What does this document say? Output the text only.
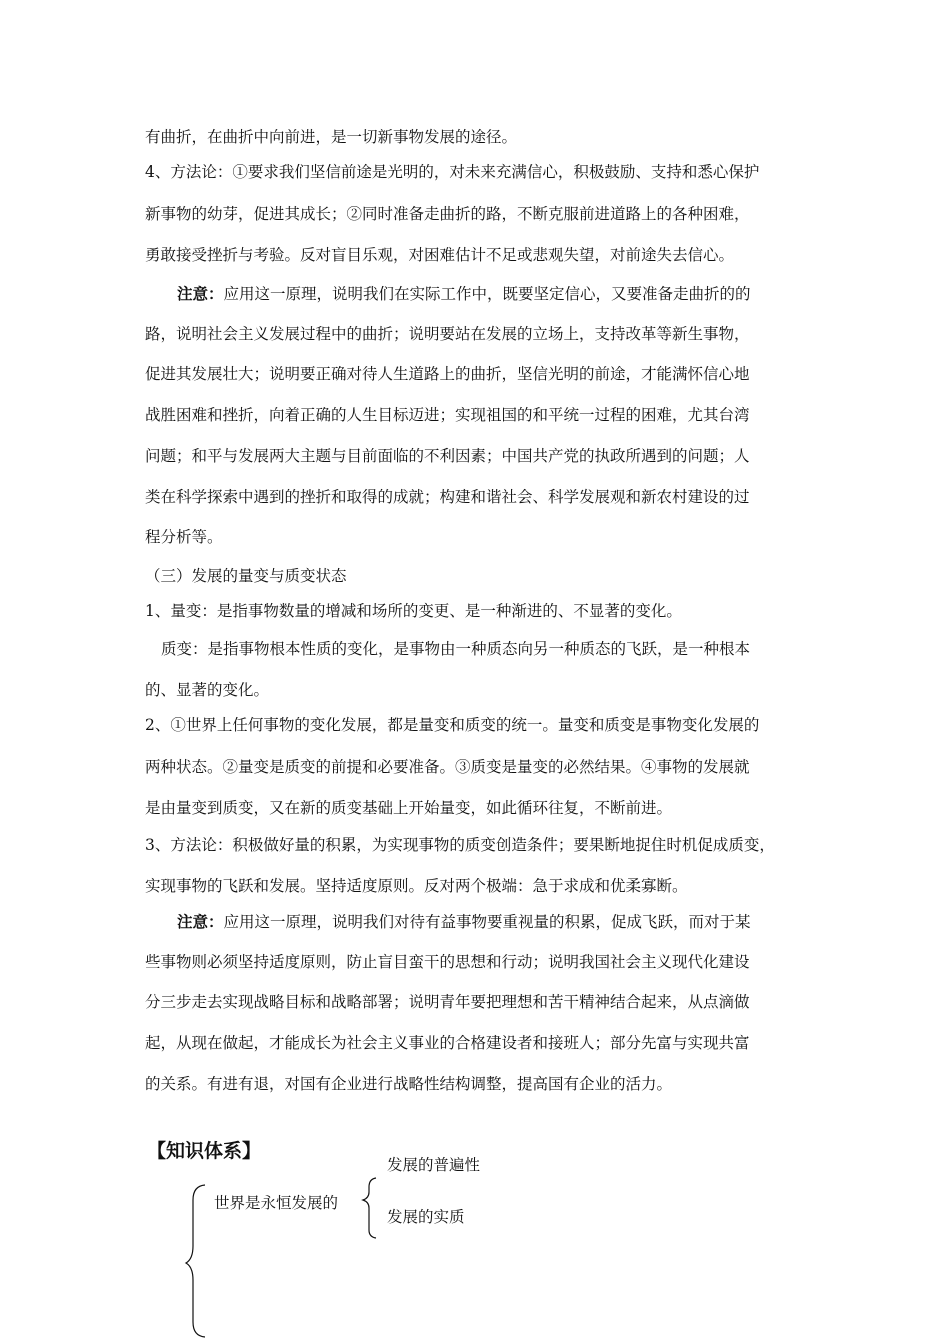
有曲折，在曲折中向前进，是一切新事物发展的途径。
4、方法论：①要求我们坚信前途是光明的，对未来充满信心，积极鼓励、支持和悉心保护
新事物的幼芽，促进其成长；②同时准备走曲折的路，不断克服前进道路上的各种困难，
勇敢接受挫折与考验。反对盲目乐观，对困难估计不足或悲观失望，对前途失去信心。
注意：应用这一原理，说明我们在实际工作中，既要坚定信心，又要准备走曲折的的
路，说明社会主义发展过程中的曲折；说明要站在发展的立场上，支持改革等新生事物，
促进其发展壮大；说明要正确对待人生道路上的曲折，坚信光明的前途，才能满怀信心地
战胜困难和挫折，向着正确的人生目标迈进；实现祖国的和平统一过程的困难，尤其台湾
问题；和平与发展两大主题与目前面临的不利因素；中国共产党的执政所遇到的问题；人
类在科学探索中遇到的挫折和取得的成就；构建和谐社会、科学发展观和新农村建设的过
程分析等。
（三）发展的量变与质变状态
1、量变：是指事物数量的增减和场所的变更、是一种渐进的、不显著的变化。
质变：是指事物根本性质的变化，是事物由一种质态向另一种质态的飞跃，是一种根本
的、显著的变化。
2、①世界上任何事物的变化发展，都是量变和质变的统一。量变和质变是事物变化发展的
两种状态。②量变是质变的前提和必要准备。③质变是量变的必然结果。④事物的发展就
是由量变到质变，又在新的质变基础上开始量变，如此循环往复，不断前进。
3、方法论：积极做好量的积累，为实现事物的质变创造条件；要果断地捉住时机促成质变，
实现事物的飞跃和发展。坚持适度原则。反对两个极端：急于求成和优柔寡断。
注意：应用这一原理，说明我们对待有益事物要重视量的积累，促成飞跃，而对于某
些事物则必须坚持适度原则，防止盲目蛮干的思想和行动；说明我国社会主义现代化建设
分三步走去实现战略目标和战略部署；说明青年要把理想和苦干精神结合起来，从点滴做
起，从现在做起，才能成长为社会主义事业的合格建设者和接班人；部分先富与实现共富
的关系。有进有退，对国有企业进行战略性结构调整，提高国有企业的活力。
【知识体系】
世界是永恒发展的
发展的普遍性
发展的实质
